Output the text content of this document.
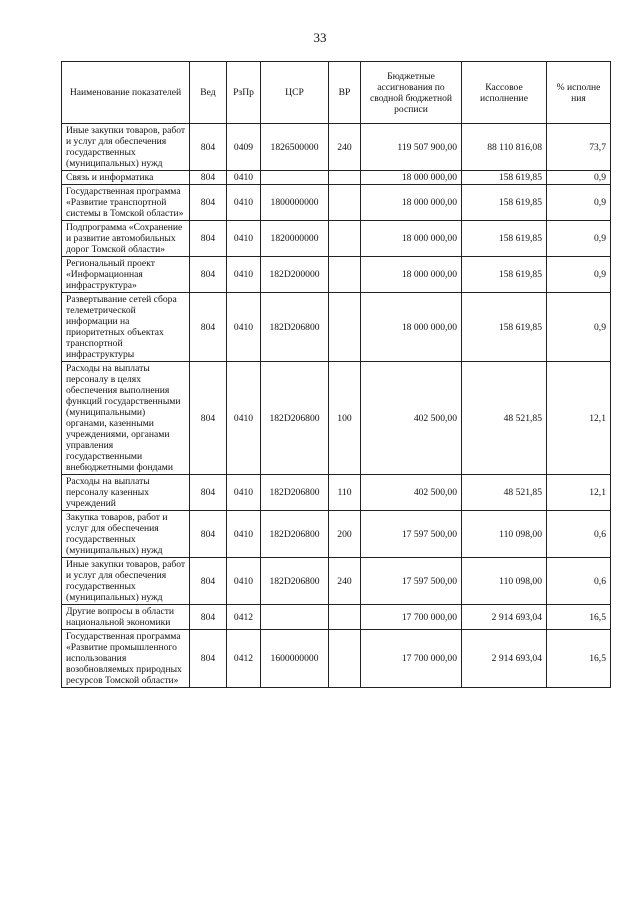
33
Наименование показателей	Вед	РзПр	ЦСР	ВР	Бюджетные ассигнования по сводной бюджетной росписи	Кассовое исполнение	% исполне ния
Иные закупки товаров, работ и услуг для обеспечения государственных (муниципальных) нужд	804	0409	1826500000	240	119 507 900,00	88 110 816,08	73,7
Связь и информатика	804	0410			18 000 000,00	158 619,85	0,9
Государственная программа «Развитие транспортной системы в Томской области»	804	0410	1800000000		18 000 000,00	158 619,85	0,9
Подпрограмма «Сохранение и развитие автомобильных дорог Томской области»	804	0410	1820000000		18 000 000,00	158 619,85	0,9
Региональный проект «Информационная инфраструктура»	804	0410	182D200000		18 000 000,00	158 619,85	0,9
Развертывание сетей сбора телеметрической информации на приоритетных объектах транспортной инфраструктуры	804	0410	182D206800		18 000 000,00	158 619,85	0,9
Расходы на выплаты персоналу в целях обеспечения выполнения функций государственными (муниципальными) органами, казенными учреждениями, органами управления государственными внебюджетными фондами	804	0410	182D206800	100	402 500,00	48 521,85	12,1
Расходы на выплаты персоналу казенных учреждений	804	0410	182D206800	110	402 500,00	48 521,85	12,1
Закупка товаров, работ и услуг для обеспечения государственных (муниципальных) нужд	804	0410	182D206800	200	17 597 500,00	110 098,00	0,6
Иные закупки товаров, работ и услуг для обеспечения государственных (муниципальных) нужд	804	0410	182D206800	240	17 597 500,00	110 098,00	0,6
Другие вопросы в области национальной экономики	804	0412			17 700 000,00	2 914 693,04	16,5
Государственная программа «Развитие промышленного использования возобновляемых природных ресурсов Томской области»	804	0412	1600000000		17 700 000,00	2 914 693,04	16,5
